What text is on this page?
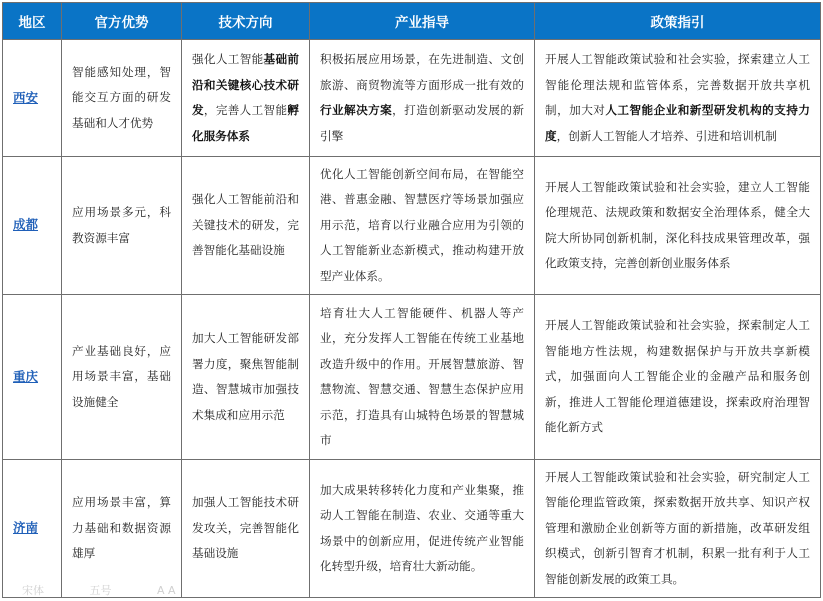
地区	官方优势	技术方向	产业指导	政策指引
西安	智能感知处理，智能交互方面的研发基础和人才优势	强化人工智能基础前沿和关键核心技术研发，完善人工智能孵化服务体系	积极拓展应用场景，在先进制造、文创旅游、商贸物流等方面形成一批有效的行业解决方案，打造创新驱动发展的新引擎	开展人工智能政策试验和社会实验，探索建立人工智能伦理法规和监管体系，完善数据开放共享机制，加大对人工智能企业和新型研发机构的支持力度，创新人工智能人才培养、引进和培训机制
成都	应用场景多元，科教资源丰富	强化人工智能前沿和关键技术的研发，完善智能化基础设施	优化人工智能创新空间布局，在智能空港、普惠金融、智慧医疗等场景加强应用示范，培育以行业融合应用为引领的人工智能新业态新模式，推动构建开放型产业体系。	开展人工智能政策试验和社会实验，建立人工智能伦理规范、法规政策和数据安全治理体系，健全大院大所协同创新机制，深化科技成果管理改革，强化政策支持，完善创新创业服务体系
重庆	产业基础良好，应用场景丰富，基础设施健全	加大人工智能研发部署力度，聚焦智能制造、智慧城市加强技术集成和应用示范	培育壮大人工智能硬件、机器人等产业，充分发挥人工智能在传统工业基地改造升级中的作用。开展智慧旅游、智慧物流、智慧交通、智慧生态保护应用示范，打造具有山城特色场景的智慧城市	开展人工智能政策试验和社会实验，探索制定人工智能地方性法规，构建数据保护与开放共享新模式，加强面向人工智能企业的金融产品和服务创新，推进人工智能伦理道德建设，探索政府治理智能化新方式
济南	应用场景丰富，算力基础和数据资源雄厚	加强人工智能技术研发攻关，完善智能化基础设施	加大成果转移转化力度和产业集聚，推动人工智能在制造、农业、交通等重大场景中的创新应用，促进传统产业智能化转型升级，培育壮大新动能。	开展人工智能政策试验和社会实验，研究制定人工智能伦理监管政策，探索数据开放共享、知识产权管理和激励企业创新等方面的新措施，改革研发组织模式，创新引智育才机制，积累一批有利于人工智能创新发展的政策工具。
宋体	五号	A A
